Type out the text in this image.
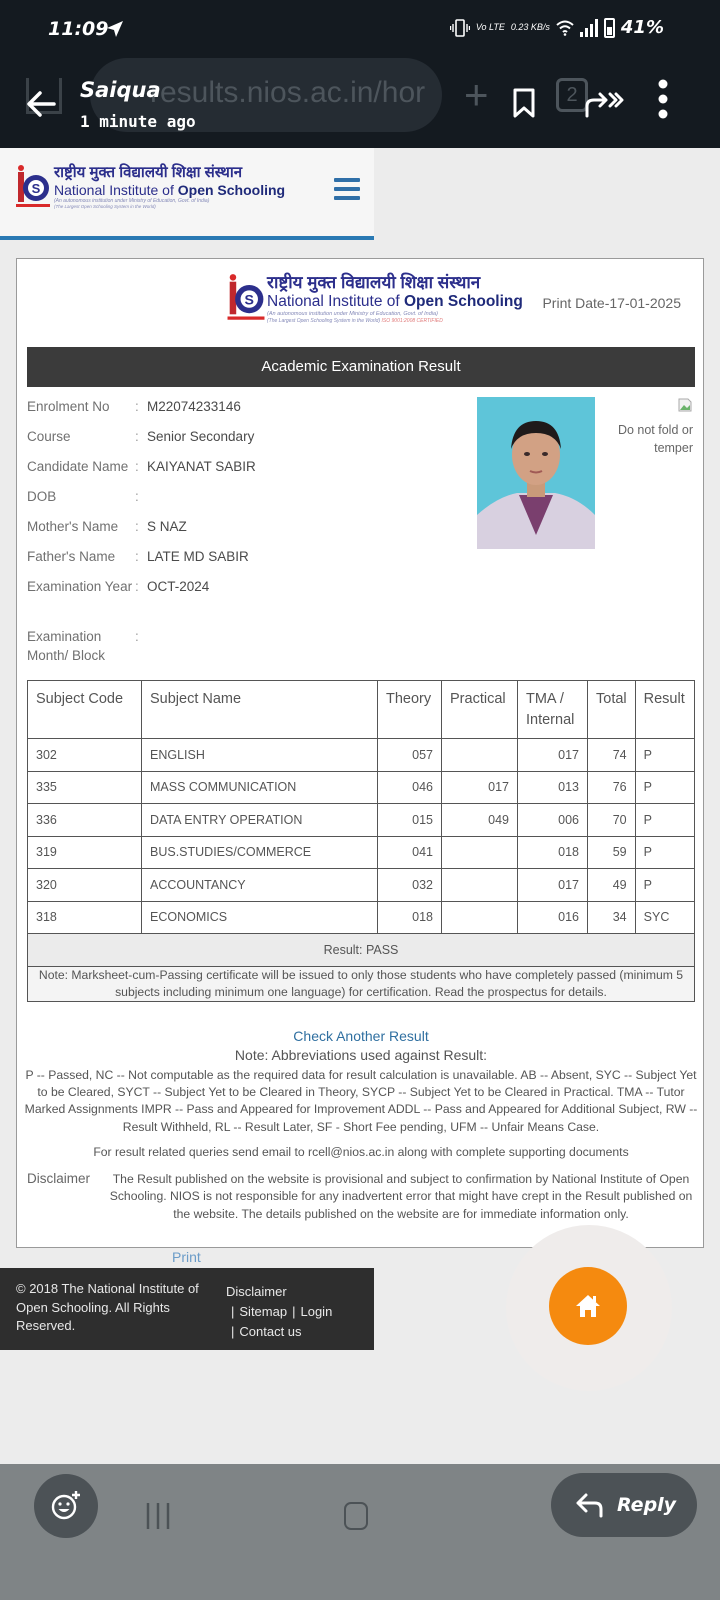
11:09	Vo LTE 0.23 KB/s	41%
results.nios.ac.in/hor
Saiqua
1 minute ago
+	2
S
राष्ट्रीय मुक्त विद्यालयी शिक्षा संस्थान
National Institute of Open Schooling
(An autonomous institution under Ministry of Education, Govt. of India)
(The Largest Open Schooling System in the World)
S
राष्ट्रीय मुक्त विद्यालयी शिक्षा संस्थान
National Institute of Open Schooling
(An autonomous institution under Ministry of Education, Govt. of India)
(The Largest Open Schooling System in the World) ISO 9001:2008 CERTIFIED
Print Date-17-01-2025
Academic Examination Result
Enrolment No	: M22074233146
Course	: Senior Secondary
Candidate Name : KAIYANAT SABIR
DOB	:
Mother's Name	: S NAZ
Father's Name	: LATE MD SABIR
Examination Year : OCT-2024
Examination Month/ Block
:
Do not fold or temper
Subject Code	Subject Name	Theory	Practical	TMA / Internal	Total	Result
302	ENGLISH	057		017	74	P
335	MASS COMMUNICATION	046	017	013	76	P
336	DATA ENTRY OPERATION	015	049	006	70	P
319	BUS.STUDIES/COMMERCE	041		018	59	P
320	ACCOUNTANCY	032		017	49	P
318	ECONOMICS	018		016	34	SYC
Result: PASS						
Note: Marksheet-cum-Passing certificate will be issued to only those students who have completely passed (minimum 5 subjects including minimum one language) for certification. Read the prospectus for details.						
Check Another Result
Note: Abbreviations used against Result:
P -- Passed, NC -- Not computable as the required data for result calculation is unavailable. AB -- Absent, SYC -- Subject Yet to be Cleared, SYCT -- Subject Yet to be Cleared in Theory, SYCP -- Subject Yet to be Cleared in Practical. TMA -- Tutor Marked Assignments IMPR -- Pass and Appeared for Improvement ADDL -- Pass and Appeared for Additional Subject, RW -- Result Withheld, RL -- Result Later, SF - Short Fee pending, UFM -- Unfair Means Case.
For result related queries send email to rcell@nios.ac.in along with complete supporting documents
Disclaimer	The Result published on the website is provisional and subject to confirmation by National Institute of Open Schooling. NIOS is not responsible for any inadvertent error that might have crept in the Result published on the website. The details published on the website are for immediate information only.
Print
© 2018 The National Institute of Open Schooling. All Rights Reserved.
Disclaimer
| Sitemap | Login
| Contact us
Reply
